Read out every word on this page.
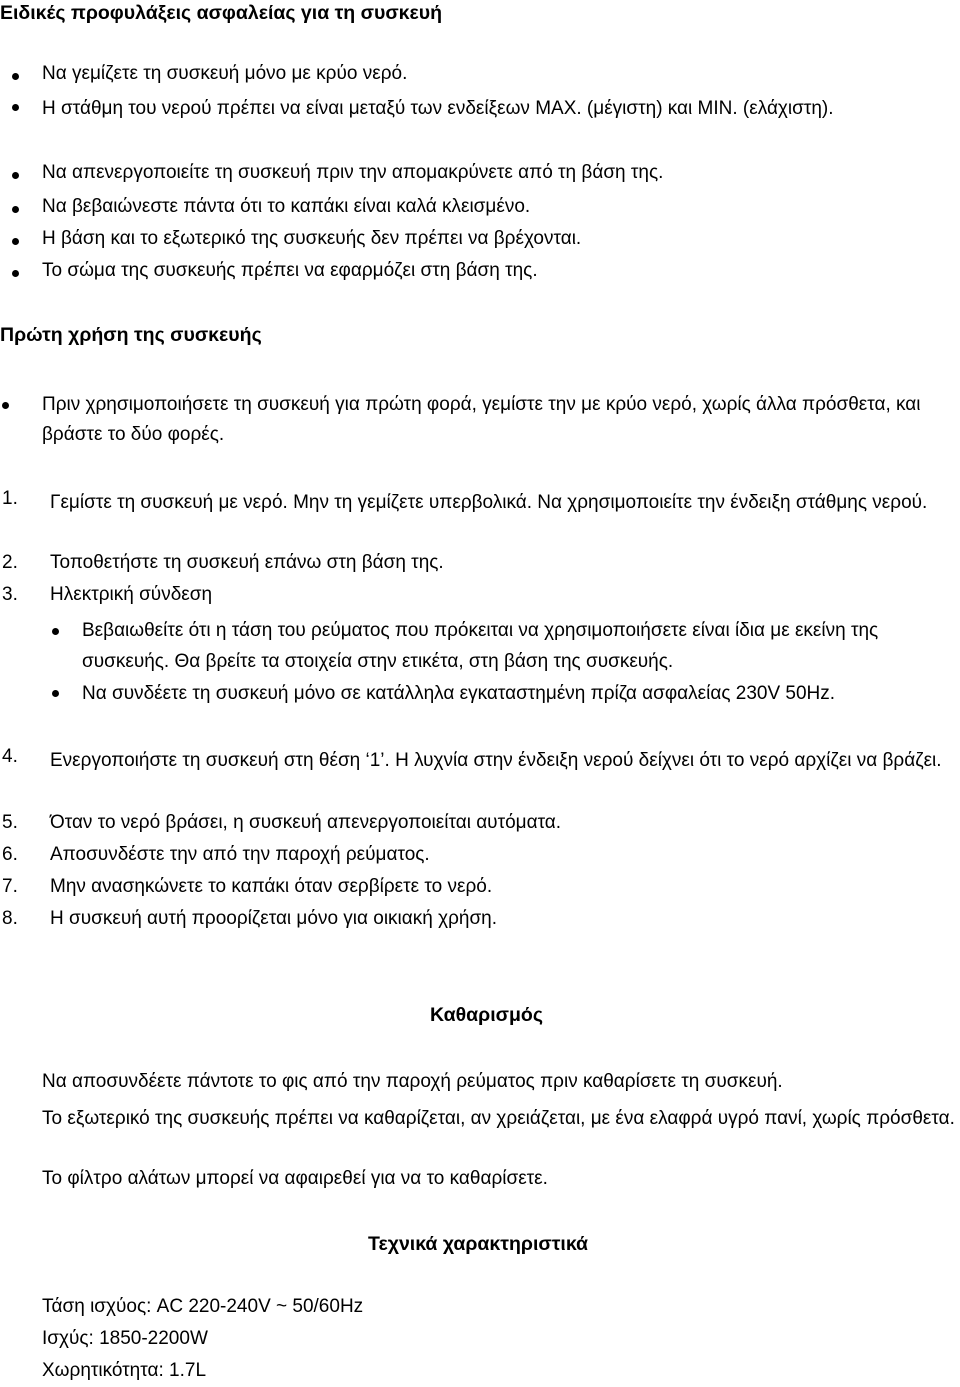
Ειδικές προφυλάξεις ασφαλείας για τη συσκευή
Να γεμίζετε τη συσκευή μόνο με κρύο νερό.
Η στάθμη του νερού πρέπει να είναι μεταξύ των ενδείξεων MAX. (μέγιστη) και MIN. (ελάχιστη).
Να απενεργοποιείτε τη συσκευή πριν την απομακρύνετε από τη βάση της.
Να βεβαιώνεστε πάντα ότι το καπάκι είναι καλά κλεισμένο.
Η βάση και το εξωτερικό της συσκευής δεν πρέπει να βρέχονται.
Το σώμα της συσκευής πρέπει να εφαρμόζει στη βάση της.
Πρώτη χρήση της συσκευής
Πριν χρησιμοποιήσετε τη συσκευή για πρώτη φορά, γεμίστε την με κρύο νερό, χωρίς άλλα πρόσθετα, και βράστε το δύο φορές.
1. Γεμίστε τη συσκευή με νερό. Μην τη γεμίζετε υπερβολικά. Να χρησιμοποιείτε την ένδειξη στάθμης νερού.
2. Τοποθετήστε τη συσκευή επάνω στη βάση της.
3. Ηλεκτρική σύνδεση
Βεβαιωθείτε ότι η τάση του ρεύματος που πρόκειται να χρησιμοποιήσετε είναι ίδια με εκείνη της συσκευής. Θα βρείτε τα στοιχεία στην ετικέτα, στη βάση της συσκευής.
Να συνδέετε τη συσκευή μόνο σε κατάλληλα εγκαταστημένη πρίζα ασφαλείας 230V 50Hz.
4. Ενεργοποιήστε τη συσκευή στη θέση ‘1’. Η λυχνία στην ένδειξη νερού δείχνει ότι το νερό αρχίζει να βράζει.
5. Όταν το νερό βράσει, η συσκευή απενεργοποιείται αυτόματα.
6. Αποσυνδέστε την από την παροχή ρεύματος.
7. Μην ανασηκώνετε το καπάκι όταν σερβίρετε το νερό.
8. Η συσκευή αυτή προορίζεται μόνο για οικιακή χρήση.
Καθαρισμός
Να αποσυνδέετε πάντοτε το φις από την παροχή ρεύματος πριν καθαρίσετε τη συσκευή.
Το εξωτερικό της συσκευής πρέπει να καθαρίζεται, αν χρειάζεται, με ένα ελαφρά υγρό πανί, χωρίς πρόσθετα.
Το φίλτρο αλάτων μπορεί να αφαιρεθεί για να το καθαρίσετε.
Τεχνικά χαρακτηριστικά
Τάση ισχύος: AC 220-240V ~ 50/60Hz
Ισχύς: 1850-2200W
Χωρητικότητα: 1.7L
